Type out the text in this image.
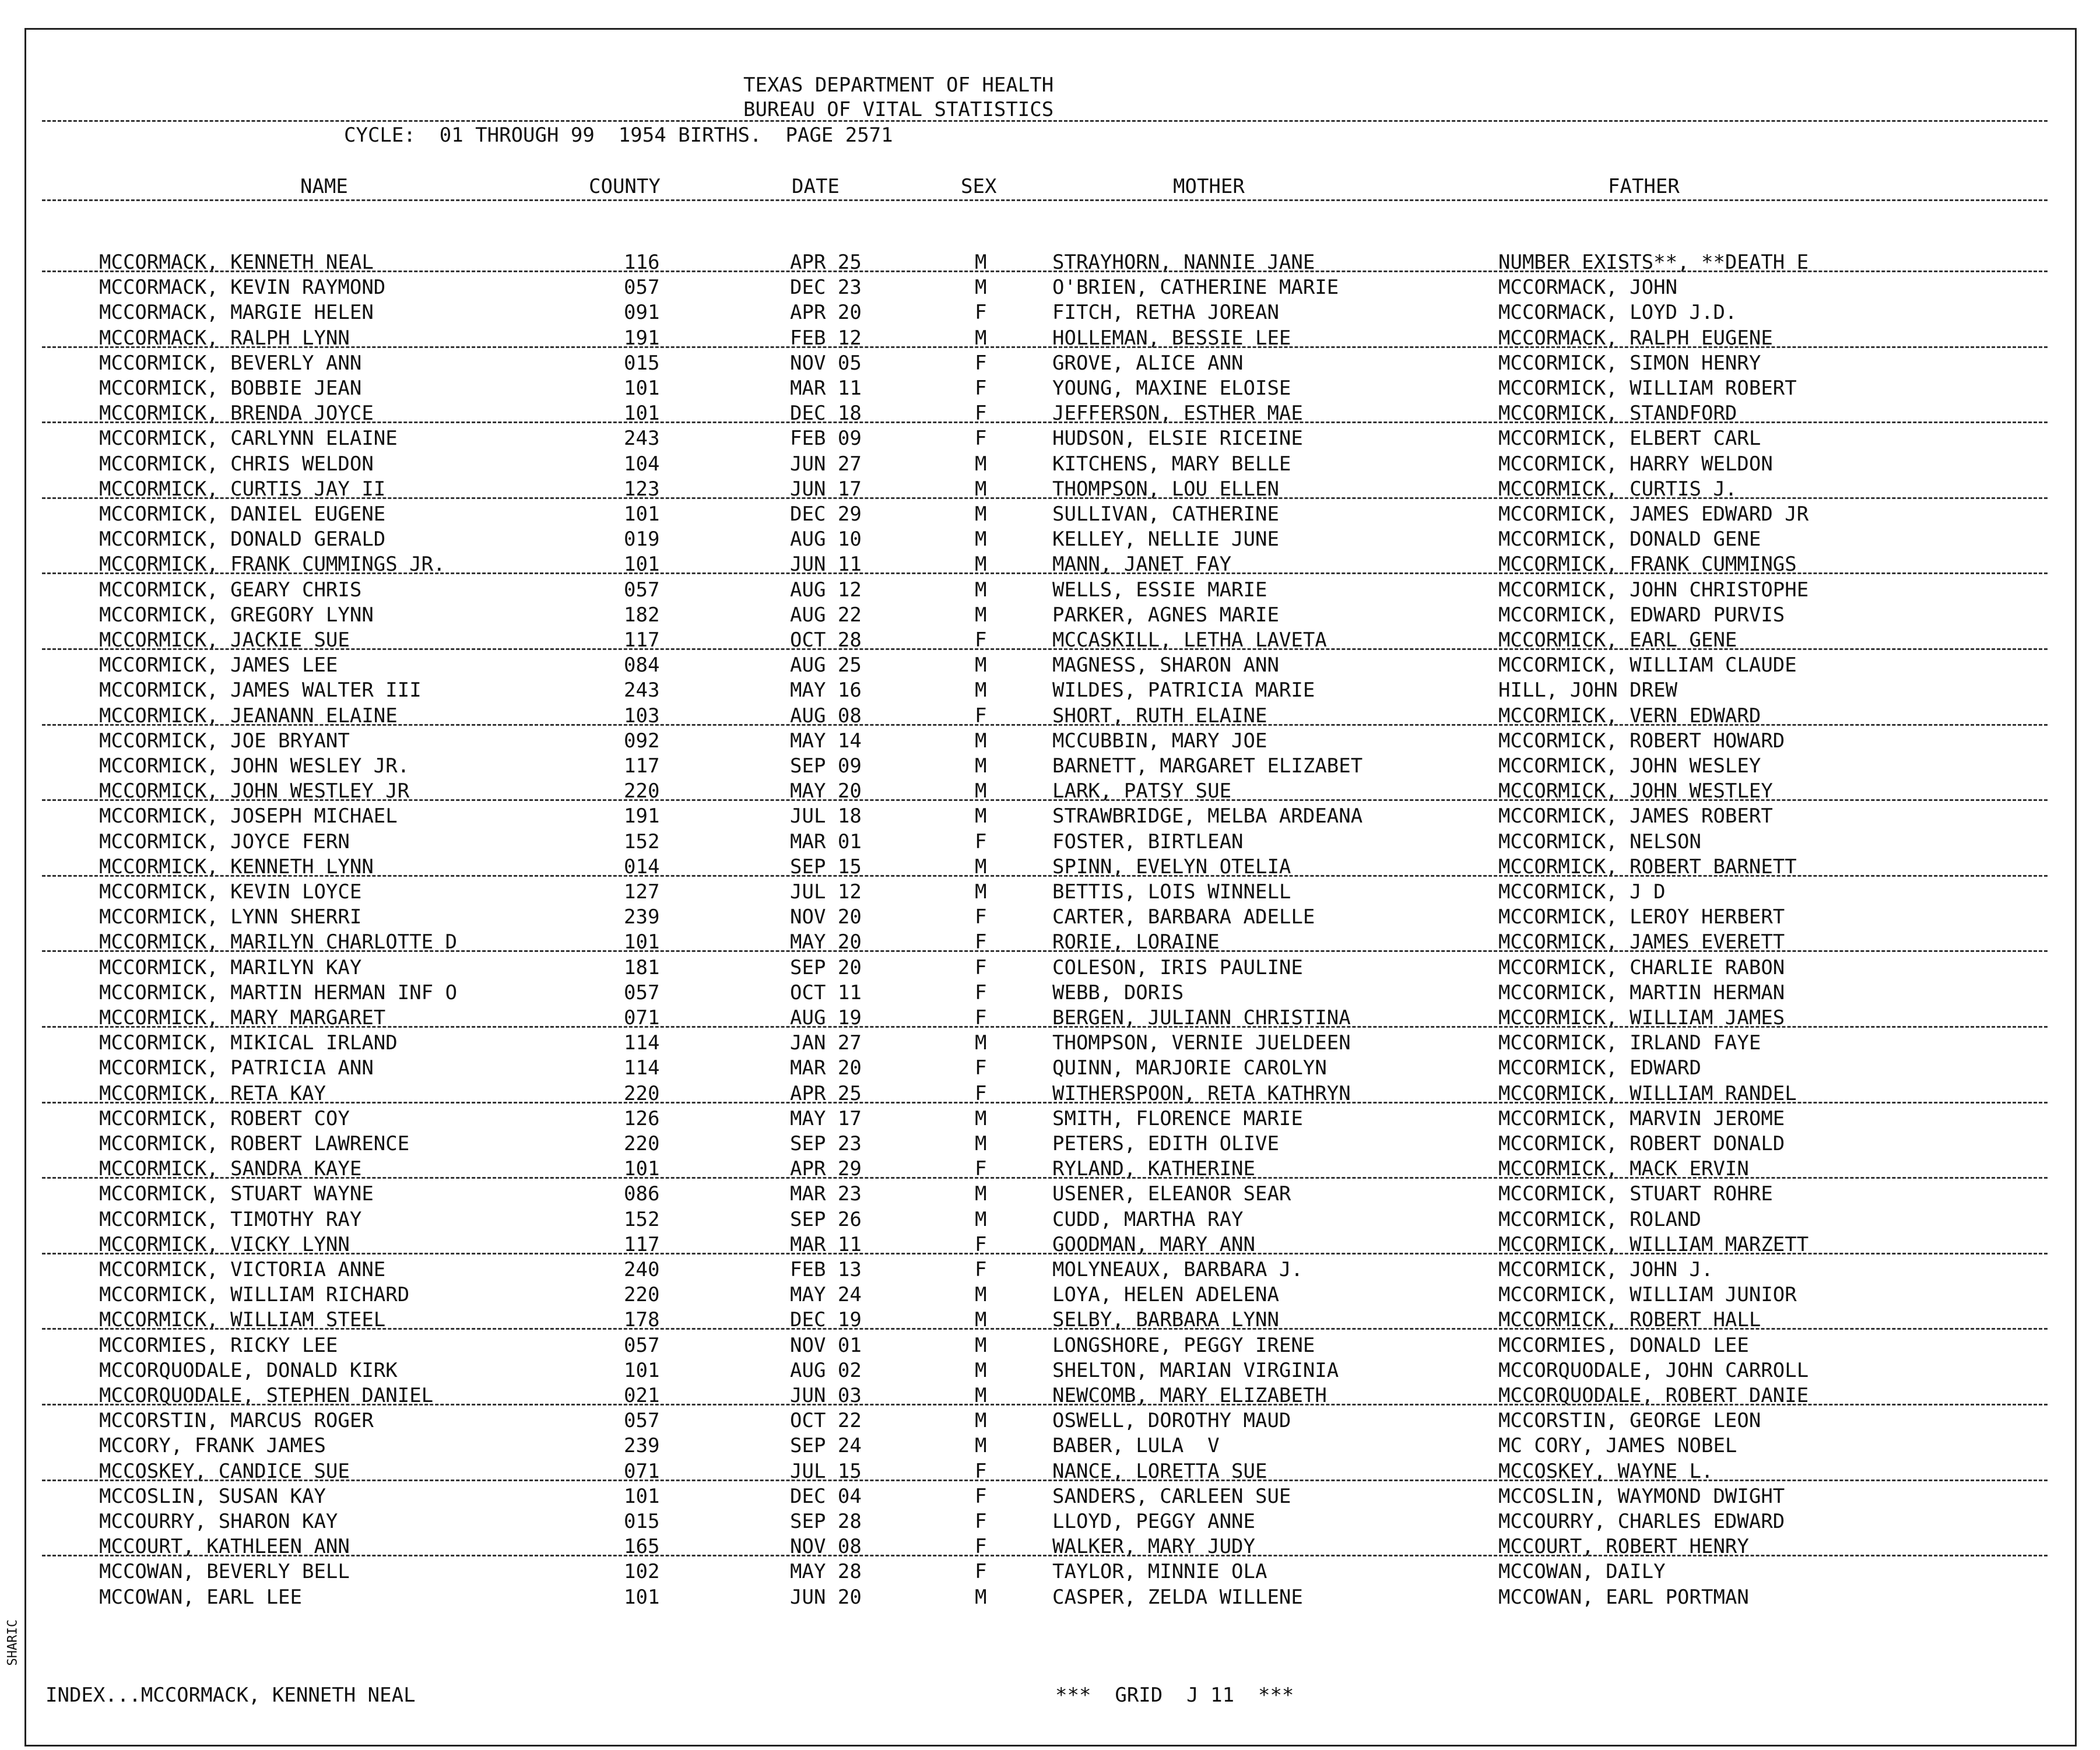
TEXAS DEPARTMENT OF HEALTH
BUREAU OF VITAL STATISTICS
CYCLE:  01 THROUGH 99  1954 BIRTHS.  PAGE 2571
NAME	COUNTY	DATE	SEX	MOTHER	FATHER
MCCORMACK, KENNETH NEAL	116	APR 25	M	STRAYHORN, NANNIE JANE	NUMBER EXISTS**, **DEATH E
MCCORMACK, KEVIN RAYMOND	057	DEC 23	M	O'BRIEN, CATHERINE MARIE	MCCORMACK, JOHN
MCCORMACK, MARGIE HELEN	091	APR 20	F	FITCH, RETHA JOREAN	MCCORMACK, LOYD J.D.
MCCORMACK, RALPH LYNN	191	FEB 12	M	HOLLEMAN, BESSIE LEE	MCCORMACK, RALPH EUGENE
MCCORMICK, BEVERLY ANN	015	NOV 05	F	GROVE, ALICE ANN	MCCORMICK, SIMON HENRY
MCCORMICK, BOBBIE JEAN	101	MAR 11	F	YOUNG, MAXINE ELOISE	MCCORMICK, WILLIAM ROBERT
MCCORMICK, BRENDA JOYCE	101	DEC 18	F	JEFFERSON, ESTHER MAE	MCCORMICK, STANDFORD
MCCORMICK, CARLYNN ELAINE	243	FEB 09	F	HUDSON, ELSIE RICEINE	MCCORMICK, ELBERT CARL
MCCORMICK, CHRIS WELDON	104	JUN 27	M	KITCHENS, MARY BELLE	MCCORMICK, HARRY WELDON
MCCORMICK, CURTIS JAY II	123	JUN 17	M	THOMPSON, LOU ELLEN	MCCORMICK, CURTIS J.
MCCORMICK, DANIEL EUGENE	101	DEC 29	M	SULLIVAN, CATHERINE	MCCORMICK, JAMES EDWARD JR
MCCORMICK, DONALD GERALD	019	AUG 10	M	KELLEY, NELLIE JUNE	MCCORMICK, DONALD GENE
MCCORMICK, FRANK CUMMINGS JR.	101	JUN 11	M	MANN, JANET FAY	MCCORMICK, FRANK CUMMINGS
MCCORMICK, GEARY CHRIS	057	AUG 12	M	WELLS, ESSIE MARIE	MCCORMICK, JOHN CHRISTOPHE
MCCORMICK, GREGORY LYNN	182	AUG 22	M	PARKER, AGNES MARIE	MCCORMICK, EDWARD PURVIS
MCCORMICK, JACKIE SUE	117	OCT 28	F	MCCASKILL, LETHA LAVETA	MCCORMICK, EARL GENE
MCCORMICK, JAMES LEE	084	AUG 25	M	MAGNESS, SHARON ANN	MCCORMICK, WILLIAM CLAUDE
MCCORMICK, JAMES WALTER III	243	MAY 16	M	WILDES, PATRICIA MARIE	HILL, JOHN DREW
MCCORMICK, JEANANN ELAINE	103	AUG 08	F	SHORT, RUTH ELAINE	MCCORMICK, VERN EDWARD
MCCORMICK, JOE BRYANT	092	MAY 14	M	MCCUBBIN, MARY JOE	MCCORMICK, ROBERT HOWARD
MCCORMICK, JOHN WESLEY JR.	117	SEP 09	M	BARNETT, MARGARET ELIZABET	MCCORMICK, JOHN WESLEY
MCCORMICK, JOHN WESTLEY JR	220	MAY 20	M	LARK, PATSY SUE	MCCORMICK, JOHN WESTLEY
MCCORMICK, JOSEPH MICHAEL	191	JUL 18	M	STRAWBRIDGE, MELBA ARDEANA	MCCORMICK, JAMES ROBERT
MCCORMICK, JOYCE FERN	152	MAR 01	F	FOSTER, BIRTLEAN	MCCORMICK, NELSON
MCCORMICK, KENNETH LYNN	014	SEP 15	M	SPINN, EVELYN OTELIA	MCCORMICK, ROBERT BARNETT
MCCORMICK, KEVIN LOYCE	127	JUL 12	M	BETTIS, LOIS WINNELL	MCCORMICK, J D
MCCORMICK, LYNN SHERRI	239	NOV 20	F	CARTER, BARBARA ADELLE	MCCORMICK, LEROY HERBERT
MCCORMICK, MARILYN CHARLOTTE D	101	MAY 20	F	RORIE, LORAINE	MCCORMICK, JAMES EVERETT
MCCORMICK, MARILYN KAY	181	SEP 20	F	COLESON, IRIS PAULINE	MCCORMICK, CHARLIE RABON
MCCORMICK, MARTIN HERMAN INF O	057	OCT 11	F	WEBB, DORIS	MCCORMICK, MARTIN HERMAN
MCCORMICK, MARY MARGARET	071	AUG 19	F	BERGEN, JULIANN CHRISTINA	MCCORMICK, WILLIAM JAMES
MCCORMICK, MIKICAL IRLAND	114	JAN 27	M	THOMPSON, VERNIE JUELDEEN	MCCORMICK, IRLAND FAYE
MCCORMICK, PATRICIA ANN	114	MAR 20	F	QUINN, MARJORIE CAROLYN	MCCORMICK, EDWARD
MCCORMICK, RETA KAY	220	APR 25	F	WITHERSPOON, RETA KATHRYN	MCCORMICK, WILLIAM RANDEL
MCCORMICK, ROBERT COY	126	MAY 17	M	SMITH, FLORENCE MARIE	MCCORMICK, MARVIN JEROME
MCCORMICK, ROBERT LAWRENCE	220	SEP 23	M	PETERS, EDITH OLIVE	MCCORMICK, ROBERT DONALD
MCCORMICK, SANDRA KAYE	101	APR 29	F	RYLAND, KATHERINE	MCCORMICK, MACK ERVIN
MCCORMICK, STUART WAYNE	086	MAR 23	M	USENER, ELEANOR SEAR	MCCORMICK, STUART ROHRE
MCCORMICK, TIMOTHY RAY	152	SEP 26	M	CUDD, MARTHA RAY	MCCORMICK, ROLAND
MCCORMICK, VICKY LYNN	117	MAR 11	F	GOODMAN, MARY ANN	MCCORMICK, WILLIAM MARZETT
MCCORMICK, VICTORIA ANNE	240	FEB 13	F	MOLYNEAUX, BARBARA J.	MCCORMICK, JOHN J.
MCCORMICK, WILLIAM RICHARD	220	MAY 24	M	LOYA, HELEN ADELENA	MCCORMICK, WILLIAM JUNIOR
MCCORMICK, WILLIAM STEEL	178	DEC 19	M	SELBY, BARBARA LYNN	MCCORMICK, ROBERT HALL
MCCORMIES, RICKY LEE	057	NOV 01	M	LONGSHORE, PEGGY IRENE	MCCORMIES, DONALD LEE
MCCORQUODALE, DONALD KIRK	101	AUG 02	M	SHELTON, MARIAN VIRGINIA	MCCORQUODALE, JOHN CARROLL
MCCORQUODALE, STEPHEN DANIEL	021	JUN 03	M	NEWCOMB, MARY ELIZABETH	MCCORQUODALE, ROBERT DANIE
MCCORSTIN, MARCUS ROGER	057	OCT 22	M	OSWELL, DOROTHY MAUD	MCCORSTIN, GEORGE LEON
MCCORY, FRANK JAMES	239	SEP 24	M	BABER, LULA  V	MC CORY, JAMES NOBEL
MCCOSKEY, CANDICE SUE	071	JUL 15	F	NANCE, LORETTA SUE	MCCOSKEY, WAYNE L.
MCCOSLIN, SUSAN KAY	101	DEC 04	F	SANDERS, CARLEEN SUE	MCCOSLIN, WAYMOND DWIGHT
MCCOURRY, SHARON KAY	015	SEP 28	F	LLOYD, PEGGY ANNE	MCCOURRY, CHARLES EDWARD
MCCOURT, KATHLEEN ANN	165	NOV 08	F	WALKER, MARY JUDY	MCCOURT, ROBERT HENRY
MCCOWAN, BEVERLY BELL	102	MAY 28	F	TAYLOR, MINNIE OLA	MCCOWAN, DAILY
MCCOWAN, EARL LEE	101	JUN 20	M	CASPER, ZELDA WILLENE	MCCOWAN, EARL PORTMAN
INDEX...MCCORMACK, KENNETH NEAL	***  GRID  J 11  ***
SHARIC
